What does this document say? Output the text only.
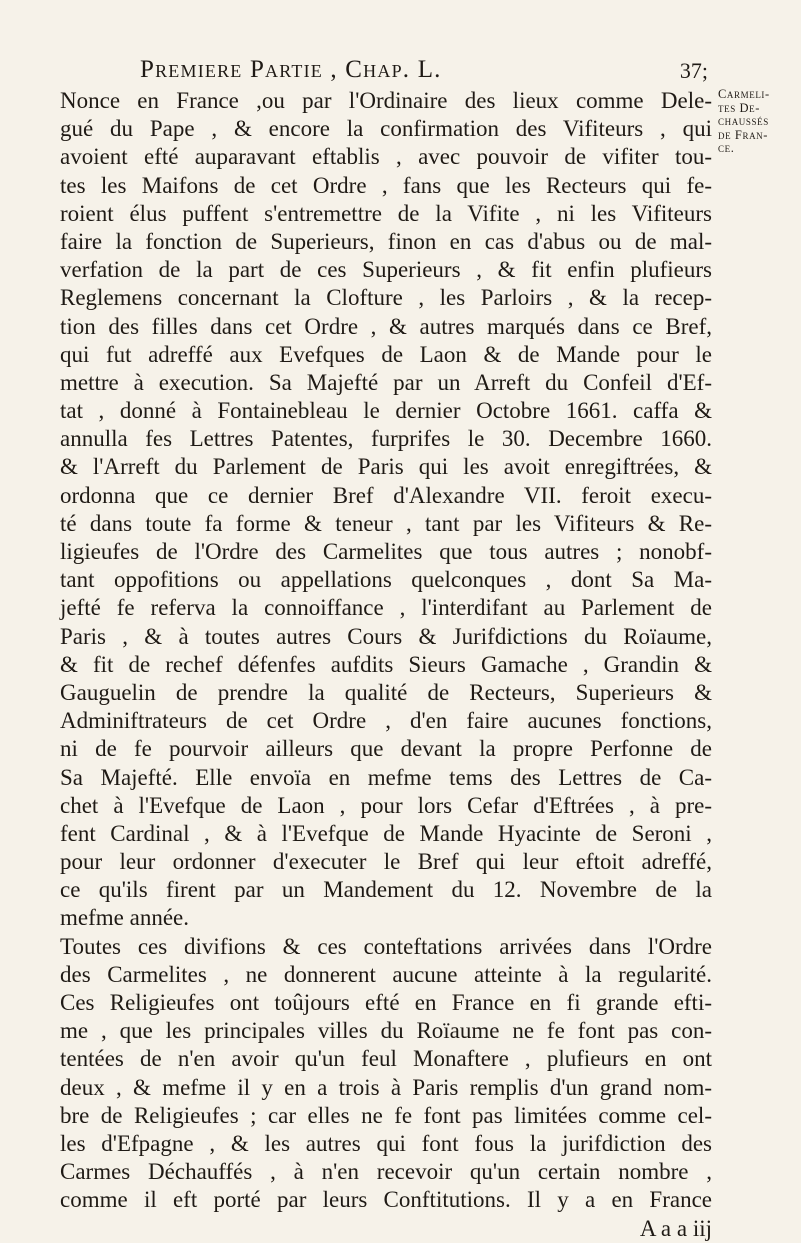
Premiere Partie , Chap. L.	37;
Nonce en France ,ou par l'Ordinaire des lieux comme Dele-
gué du Pape , & encore la confirmation des Vifiteurs , qui
avoient efté auparavant eftablis , avec pouvoir de vifiter tou-
tes les Maifons de cet Ordre , fans que les Recteurs qui fe-
roient élus puffent s'entremettre de la Vifite , ni les Vifiteurs
faire la fonction de Superieurs, finon en cas d'abus ou de mal-
verfation de la part de ces Superieurs , & fit enfin plufieurs
Reglemens concernant la Clofture , les Parloirs , & la recep-
tion des filles dans cet Ordre , & autres marqués dans ce Bref,
qui fut adreffé aux Evefques de Laon & de Mande pour le
mettre à execution. Sa Majefté par un Arreft du Confeil d'Ef-
tat , donné à Fontainebleau le dernier Octobre 1661. caffa &
annulla fes Lettres Patentes, furprifes le 30. Decembre 1660.
& l'Arreft du Parlement de Paris qui les avoit enregiftrées, &
ordonna que ce dernier Bref d'Alexandre VII. feroit execu-
té dans toute fa forme & teneur , tant par les Vifiteurs & Re-
ligieufes de l'Ordre des Carmelites que tous autres ; nonobf-
tant oppofitions ou appellations quelconques , dont Sa Ma-
jefté fe referva la connoiffance , l'interdifant au Parlement de
Paris , & à toutes autres Cours & Jurifdictions du Roïaume,
& fit de rechef défenfes aufdits Sieurs Gamache , Grandin &
Gauguelin de prendre la qualité de Recteurs, Superieurs &
Adminiftrateurs de cet Ordre , d'en faire aucunes fonctions,
ni de fe pourvoir ailleurs que devant la propre Perfonne de
Sa Majefté. Elle envoïa en mefme tems des Lettres de Ca-
chet à l'Evefque de Laon , pour lors Cefar d'Eftrées , à pre-
fent Cardinal , & à l'Evefque de Mande Hyacinte de Seroni ,
pour leur ordonner d'executer le Bref qui leur eftoit adreffé,
ce qu'ils firent par un Mandement du 12. Novembre de la
mefme année.
Toutes ces divifions & ces conteftations arrivées dans l'Ordre
des Carmelites , ne donnerent aucune atteinte à la regularité.
Ces Religieufes ont toûjours efté en France en fi grande efti-
me , que les principales villes du Roïaume ne fe font pas con-
tentées de n'en avoir qu'un feul Monaftere , plufieurs en ont
deux , & mefme il y en a trois à Paris remplis d'un grand nom-
bre de Religieufes ; car elles ne fe font pas limitées comme cel-
les d'Efpagne , & les autres qui font fous la jurifdiction des
Carmes Déchauffés , à n'en recevoir qu'un certain nombre ,
comme il eft porté par leurs Conftitutions. Il y a en France
A a a iij
Carmeli-
tes De-
chaussés
de Fran-
ce.
